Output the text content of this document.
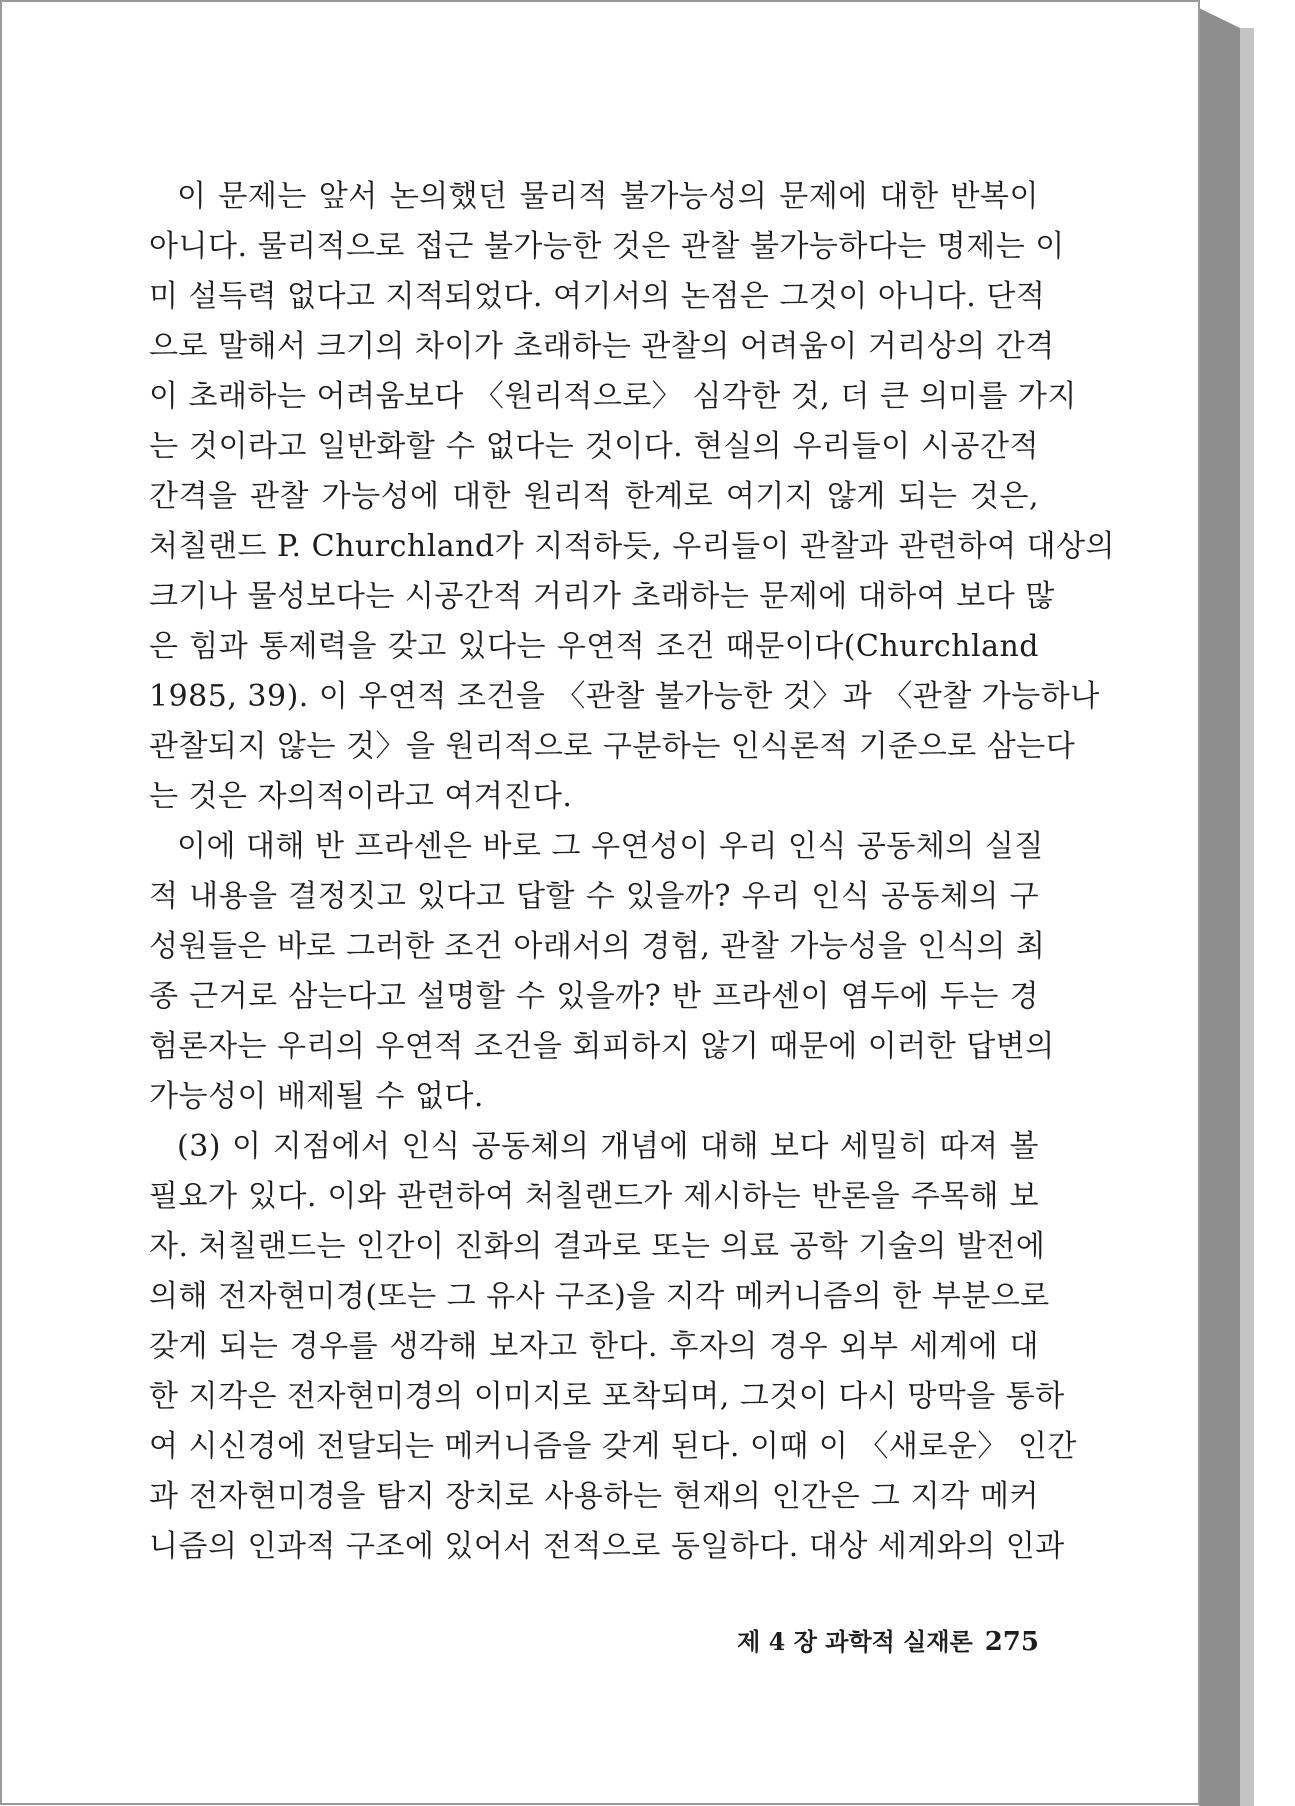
이 문제는 앞서 논의했던 물리적 불가능성의 문제에 대한 반복이
아니다. 물리적으로 접근 불가능한 것은 관찰 불가능하다는 명제는 이
미 설득력 없다고 지적되었다. 여기서의 논점은 그것이 아니다. 단적
으로 말해서 크기의 차이가 초래하는 관찰의 어려움이 거리상의 간격
이 초래하는 어려움보다 〈원리적으로〉 심각한 것, 더 큰 의미를 가지
는 것이라고 일반화할 수 없다는 것이다. 현실의 우리들이 시공간적
간격을 관찰 가능성에 대한 원리적 한계로 여기지 않게 되는 것은,
처칠랜드 P. Churchland가 지적하듯, 우리들이 관찰과 관련하여 대상의
크기나 물성보다는 시공간적 거리가 초래하는 문제에 대하여 보다 많
은 힘과 통제력을 갖고 있다는 우연적 조건 때문이다(Churchland
1985, 39). 이 우연적 조건을 〈관찰 불가능한 것〉과 〈관찰 가능하나
관찰되지 않는 것〉을 원리적으로 구분하는 인식론적 기준으로 삼는다
는 것은 자의적이라고 여겨진다.
이에 대해 반 프라센은 바로 그 우연성이 우리 인식 공동체의 실질
적 내용을 결정짓고 있다고 답할 수 있을까? 우리 인식 공동체의 구
성원들은 바로 그러한 조건 아래서의 경험, 관찰 가능성을 인식의 최
종 근거로 삼는다고 설명할 수 있을까? 반 프라센이 염두에 두는 경
험론자는 우리의 우연적 조건을 회피하지 않기 때문에 이러한 답변의
가능성이 배제될 수 없다.
(3) 이 지점에서 인식 공동체의 개념에 대해 보다 세밀히 따져 볼
필요가 있다. 이와 관련하여 처칠랜드가 제시하는 반론을 주목해 보
자. 처칠랜드는 인간이 진화의 결과로 또는 의료 공학 기술의 발전에
의해 전자현미경(또는 그 유사 구조)을 지각 메커니즘의 한 부분으로
갖게 되는 경우를 생각해 보자고 한다. 후자의 경우 외부 세계에 대
한 지각은 전자현미경의 이미지로 포착되며, 그것이 다시 망막을 통하
여 시신경에 전달되는 메커니즘을 갖게 된다. 이때 이 〈새로운〉 인간
과 전자현미경을 탐지 장치로 사용하는 현재의 인간은 그 지각 메커
니즘의 인과적 구조에 있어서 전적으로 동일하다. 대상 세계와의 인과
제 4 장 과학적 실재론 275
